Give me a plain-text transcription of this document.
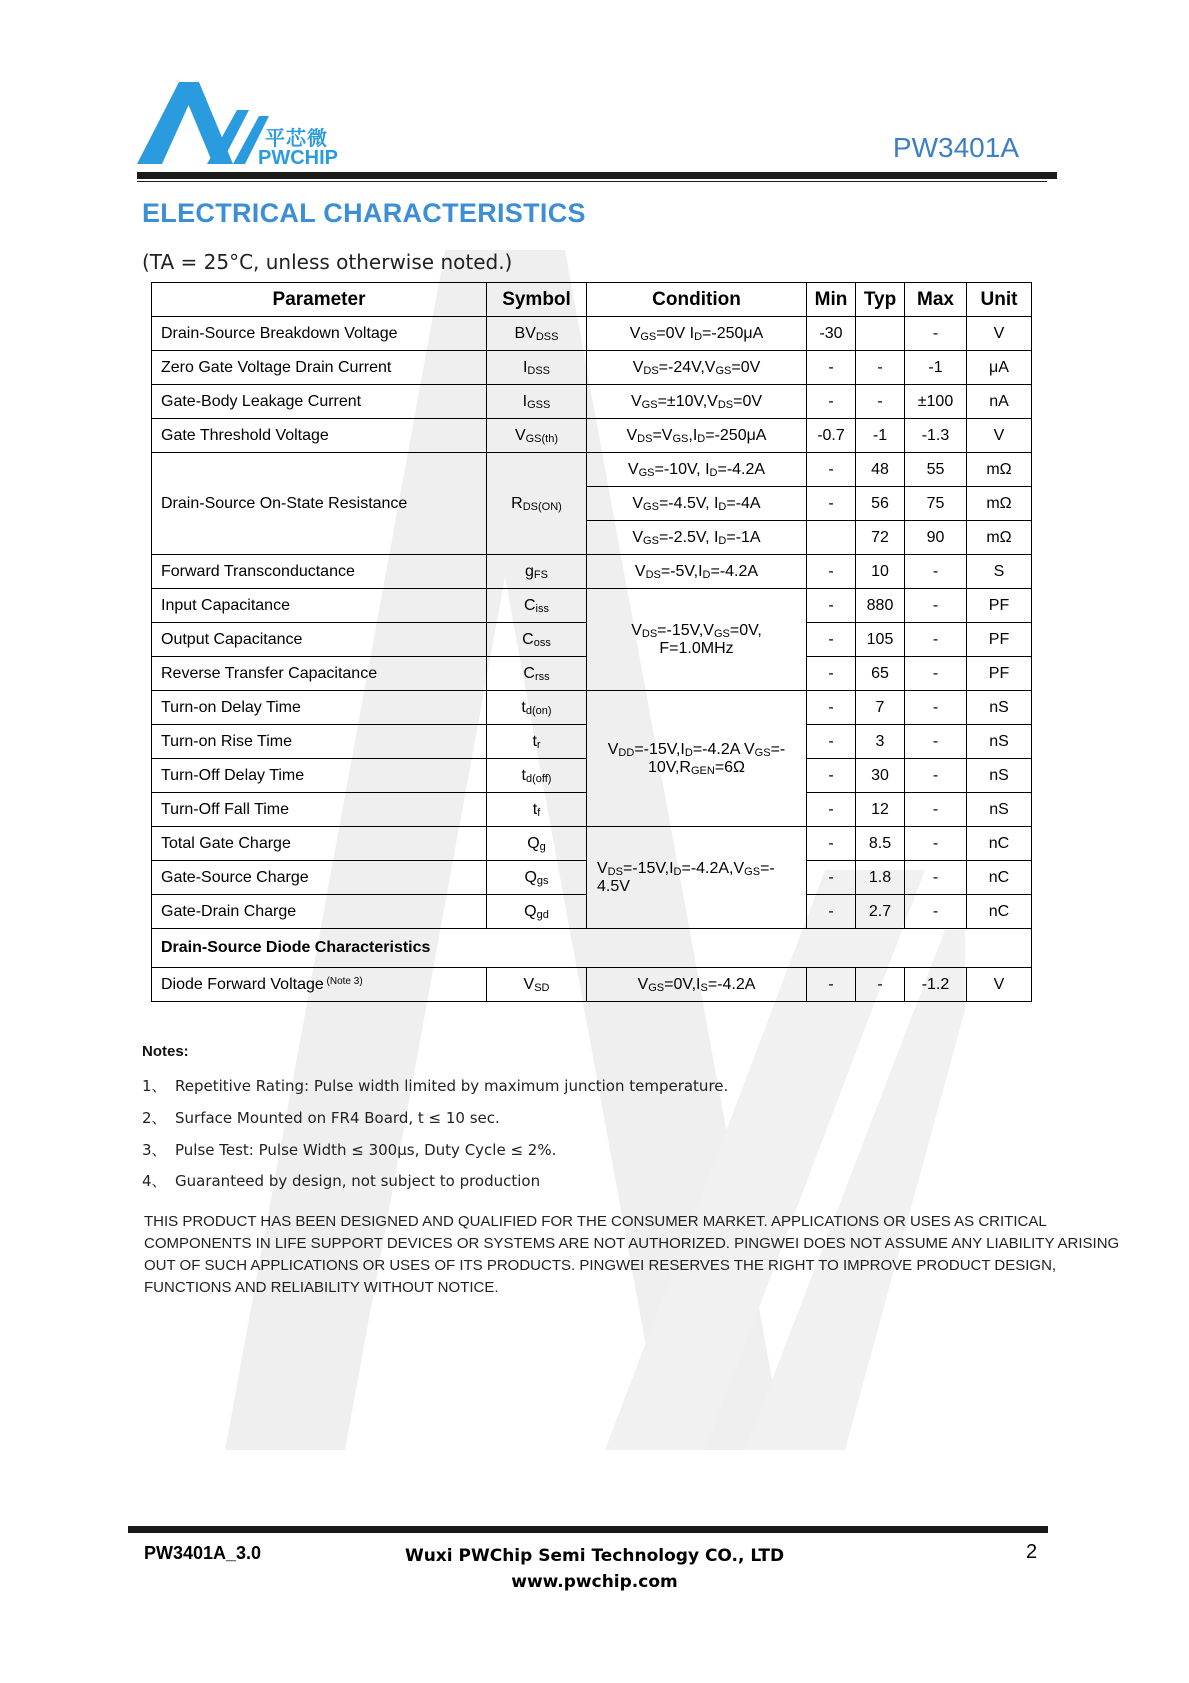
平芯微
PWCHIP	PW3401A
ELECTRICAL CHARACTERISTICS
(TA = 25°C, unless otherwise noted.)
Parameter	Symbol	Condition	Min	Typ	Max	Unit
Drain-Source Breakdown Voltage	$BV_{DSS}$	$V_{GS}=0V$ $I_D=-250\mu A$	-30		-	V
Zero Gate Voltage Drain Current	$I_{DSS}$	$V_{DS}=-24V,V_{GS}=0V$	-	-	-1	μA
Gate-Body Leakage Current	$I_{GSS}$	$V_{GS}=\pm 10V,V_{DS}=0V$	-	-	±100	nA
Gate Threshold Voltage	$V_{GS(th)}$	$V_{DS}=V_{GS},I_D=-250\mu A$	-0.7	-1	-1.3	V
Drain-Source On-State Resistance	$R_{DS(ON)}$	$V_{GS}=-10V$, $I_D=-4.2A$	-	48	55	mΩ
		$V_{GS}=-4.5V$, $I_D=-4A$	-	56	75	mΩ
		$V_{GS}=-2.5V$, $I_D=-1A$		72	90	mΩ
Forward Transconductance	$g_{FS}$	$V_{DS}=-5V,I_D=-4.2A$	-	10	-	S
Input Capacitance	$C_{iss}$	$V_{DS}=-15V,V_{GS}=0V$,
F=1.0MHz	-	880	-	PF
Output Capacitance	$C_{oss}$		-	105	-	PF
Reverse Transfer Capacitance	$C_{rss}$		-	65	-	PF
Turn-on Delay Time	$t_{d(on)}$	$V_{DD}=-15V,I_D=-4.2A$ $V_{GS}=-$
$10V,R_{GEN}=6\Omega$	-	7	-	nS
Turn-on Rise Time	$t_r$		-	3	-	nS
Turn-Off Delay Time	$t_{d(off)}$		-	30	-	nS
Turn-Off Fall Time	$t_f$		-	12	-	nS
Total Gate Charge	$Q_g$	$V_{DS}=-15V,I_D=-4.2A,V_{GS}=-$
4.5V	-	8.5	-	nC
Gate-Source Charge	$Q_{gs}$		-	1.8	-	nC
Gate-Drain Charge	$Q_{gd}$		-	2.7	-	nC
Drain-Source Diode Characteristics						
Diode Forward Voltage $^{(Note 3)}$	$V_{SD}$	$V_{GS}=0V,I_S=-4.2A$	-	-	-1.2	V
Notes:
1、 Repetitive Rating: Pulse width limited by maximum junction temperature.
2、 Surface Mounted on FR4 Board, t ≤ 10 sec.
3、 Pulse Test: Pulse Width ≤ 300μs, Duty Cycle ≤ 2%.
4、 Guaranteed by design, not subject to production
THIS PRODUCT HAS BEEN DESIGNED AND QUALIFIED FOR THE CONSUMER MARKET. APPLICATIONS OR USES AS CRITICAL COMPONENTS IN LIFE SUPPORT DEVICES OR SYSTEMS ARE NOT AUTHORIZED. PINGWEI DOES NOT ASSUME ANY LIABILITY ARISING OUT OF SUCH APPLICATIONS OR USES OF ITS PRODUCTS. PINGWEI RESERVES THE RIGHT TO IMPROVE PRODUCT DESIGN, FUNCTIONS AND RELIABILITY WITHOUT NOTICE.
PW3401A_3.0	Wuxi PWChip Semi Technology CO., LTD
www.pwchip.com
2
